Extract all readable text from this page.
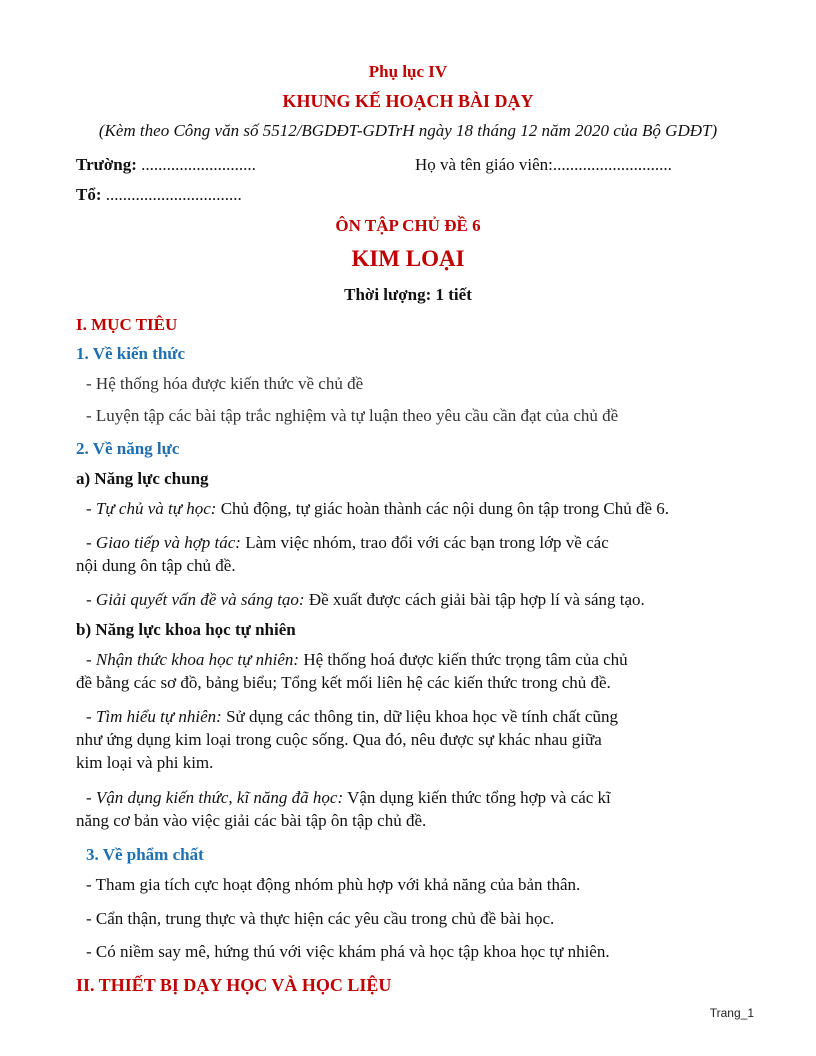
Phụ lục IV
KHUNG KẾ HOẠCH BÀI DẠY
(Kèm theo Công văn số 5512/BGDĐT-GDTrH ngày 18 tháng 12 năm 2020 của Bộ GDĐT)
Trường: ...........................	Họ và tên giáo viên:............................
Tổ: ................................
ÔN TẬP CHỦ ĐỀ 6
KIM LOẠI
Thời lượng: 1 tiết
I. MỤC TIÊU
1. Về kiến thức
- Hệ thống hóa được kiến thức về chủ đề
- Luyện tập các bài tập trắc nghiệm và tự luận theo yêu cầu cần đạt của chủ đề
2. Về năng lực
a) Năng lực chung
- Tự chủ và tự học: Chủ động, tự giác hoàn thành các nội dung ôn tập trong Chủ đề 6.
- Giao tiếp và hợp tác: Làm việc nhóm, trao đổi với các bạn trong lớp về các
nội dung ôn tập chủ đề.
- Giải quyết vấn đề và sáng tạo: Đề xuất được cách giải bài tập hợp lí và sáng tạo.
b) Năng lực khoa học tự nhiên
- Nhận thức khoa học tự nhiên: Hệ thống hoá được kiến thức trọng tâm của chủ
đề bằng các sơ đồ, bảng biểu; Tổng kết mối liên hệ các kiến thức trong chủ đề.
- Tìm hiểu tự nhiên: Sử dụng các thông tin, dữ liệu khoa học về tính chất cũng
như ứng dụng kim loại trong cuộc sống. Qua đó, nêu được sự khác nhau giữa
kim loại và phi kim.
- Vận dụng kiến thức, kĩ năng đã học: Vận dụng kiến thức tổng hợp và các kĩ
năng cơ bản vào việc giải các bài tập ôn tập chủ đề.
3. Về phẩm chất
- Tham gia tích cực hoạt động nhóm phù hợp với khả năng của bản thân.
- Cẩn thận, trung thực và thực hiện các yêu cầu trong chủ đề bài học.
- Có niềm say mê, hứng thú với việc khám phá và học tập khoa học tự nhiên.
II. THIẾT BỊ DẠY HỌC VÀ HỌC LIỆU
Trang_1
